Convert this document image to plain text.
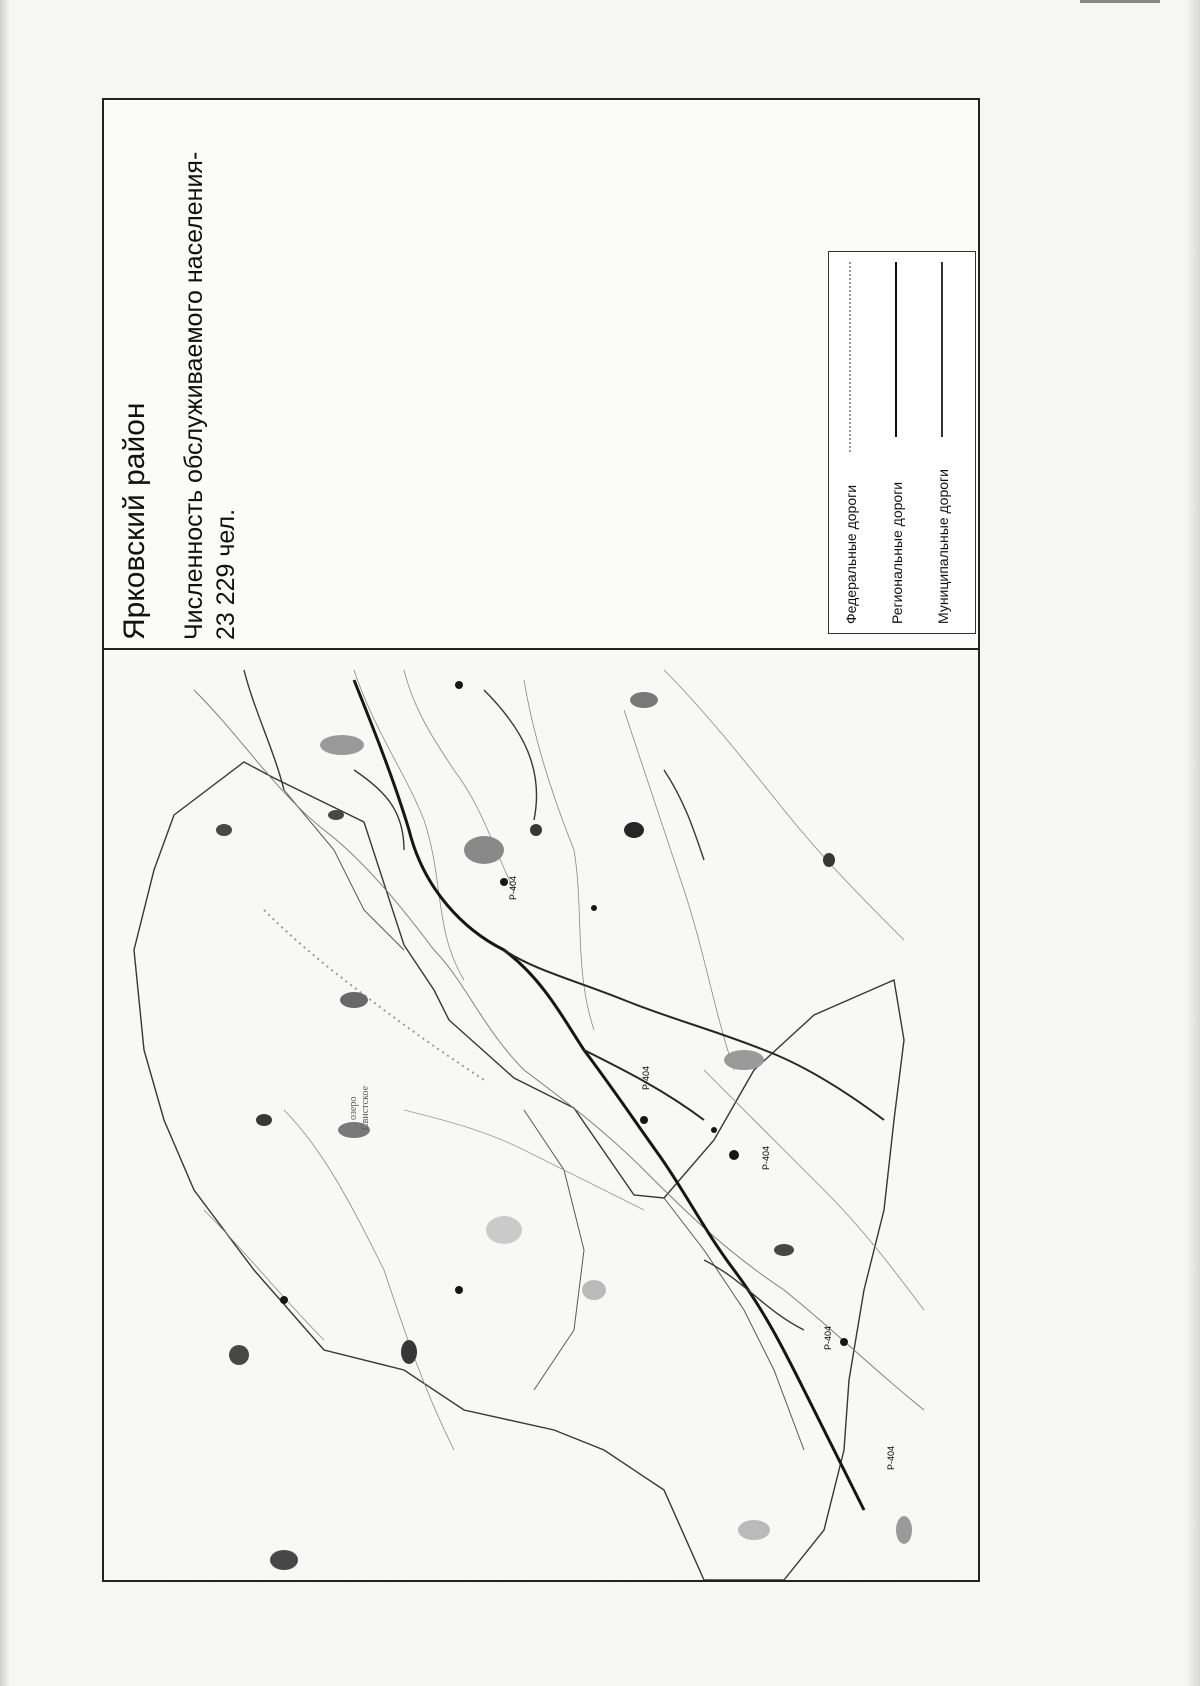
Ярковский район Численность обслуживаемого населения- 23 229 чел.	Федеральные дороги Региональные дороги Муниципальные дороги
